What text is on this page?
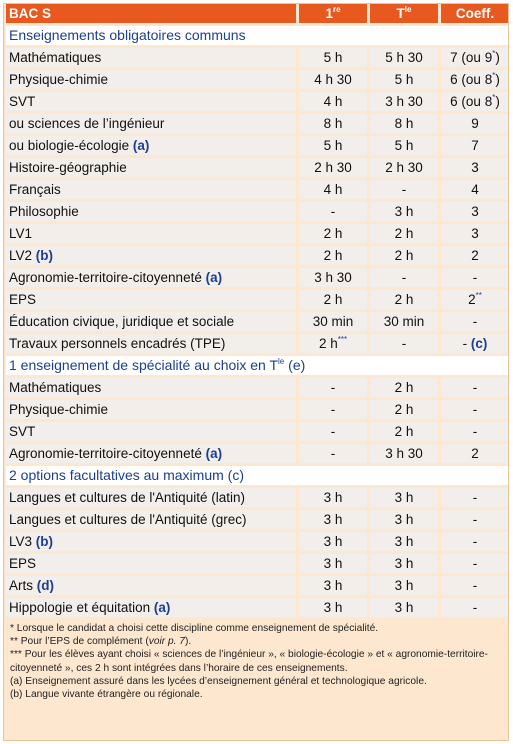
BAC S	1re	$T^{le}$	Coeff.
Enseignements obligatoires communs			
Mathématiques	5 h	5 h 30	7 (ou 9*)
Physique-chimie	4 h 30	5 h	6 (ou 8*)
SVT	4 h	3 h 30	6 (ou 8*)
ou sciences de l’ingénieur	8 h	8 h	9
ou biologie-écologie (a)	5 h	5 h	7
Histoire-géographie	2 h 30	2 h 30	3
Français	4 h	-	4
Philosophie	-	3 h	3
LV1	2 h	2 h	3
LV2 (b)	2 h	2 h	2
Agronomie-territoire-citoyenneté (a)	3 h 30	-	-
EPS	2 h	2 h	2**
Éducation civique, juridique et sociale	30 min	30 min	-
Travaux personnels encadrés (TPE)	2 h***	-	- (c)
1 enseignement de spécialité au choix en $T^{le}$ (e)			
Mathématiques	-	2 h	-
Physique-chimie	-	2 h	-
SVT	-	2 h	-
Agronomie-territoire-citoyenneté (a)	-	3 h 30	2
2 options facultatives au maximum (c)			
Langues et cultures de l'Antiquité (latin)	3 h	3 h	-
Langues et cultures de l'Antiquité (grec)	3 h	3 h	-
LV3 (b)	3 h	3 h	-
EPS	3 h	3 h	-
Arts (d)	3 h	3 h	-
Hippologie et équitation (a)	3 h	3 h	-

* Lorsque le candidat a choisi cette discipline comme enseignement de spécialité.

** Pour l’EPS de complément (voir p. 7).

*** Pour les élèves ayant choisi « sciences de l’ingénieur », « biologie-écologie » et « agronomie-territoire-citoyenneté », ces 2 h sont intégrées dans l’horaire de ces enseignements.

(a) Enseignement assuré dans les lycées d’enseignement général et technologique agricole.

(b) Langue vivante étrangère ou régionale.
